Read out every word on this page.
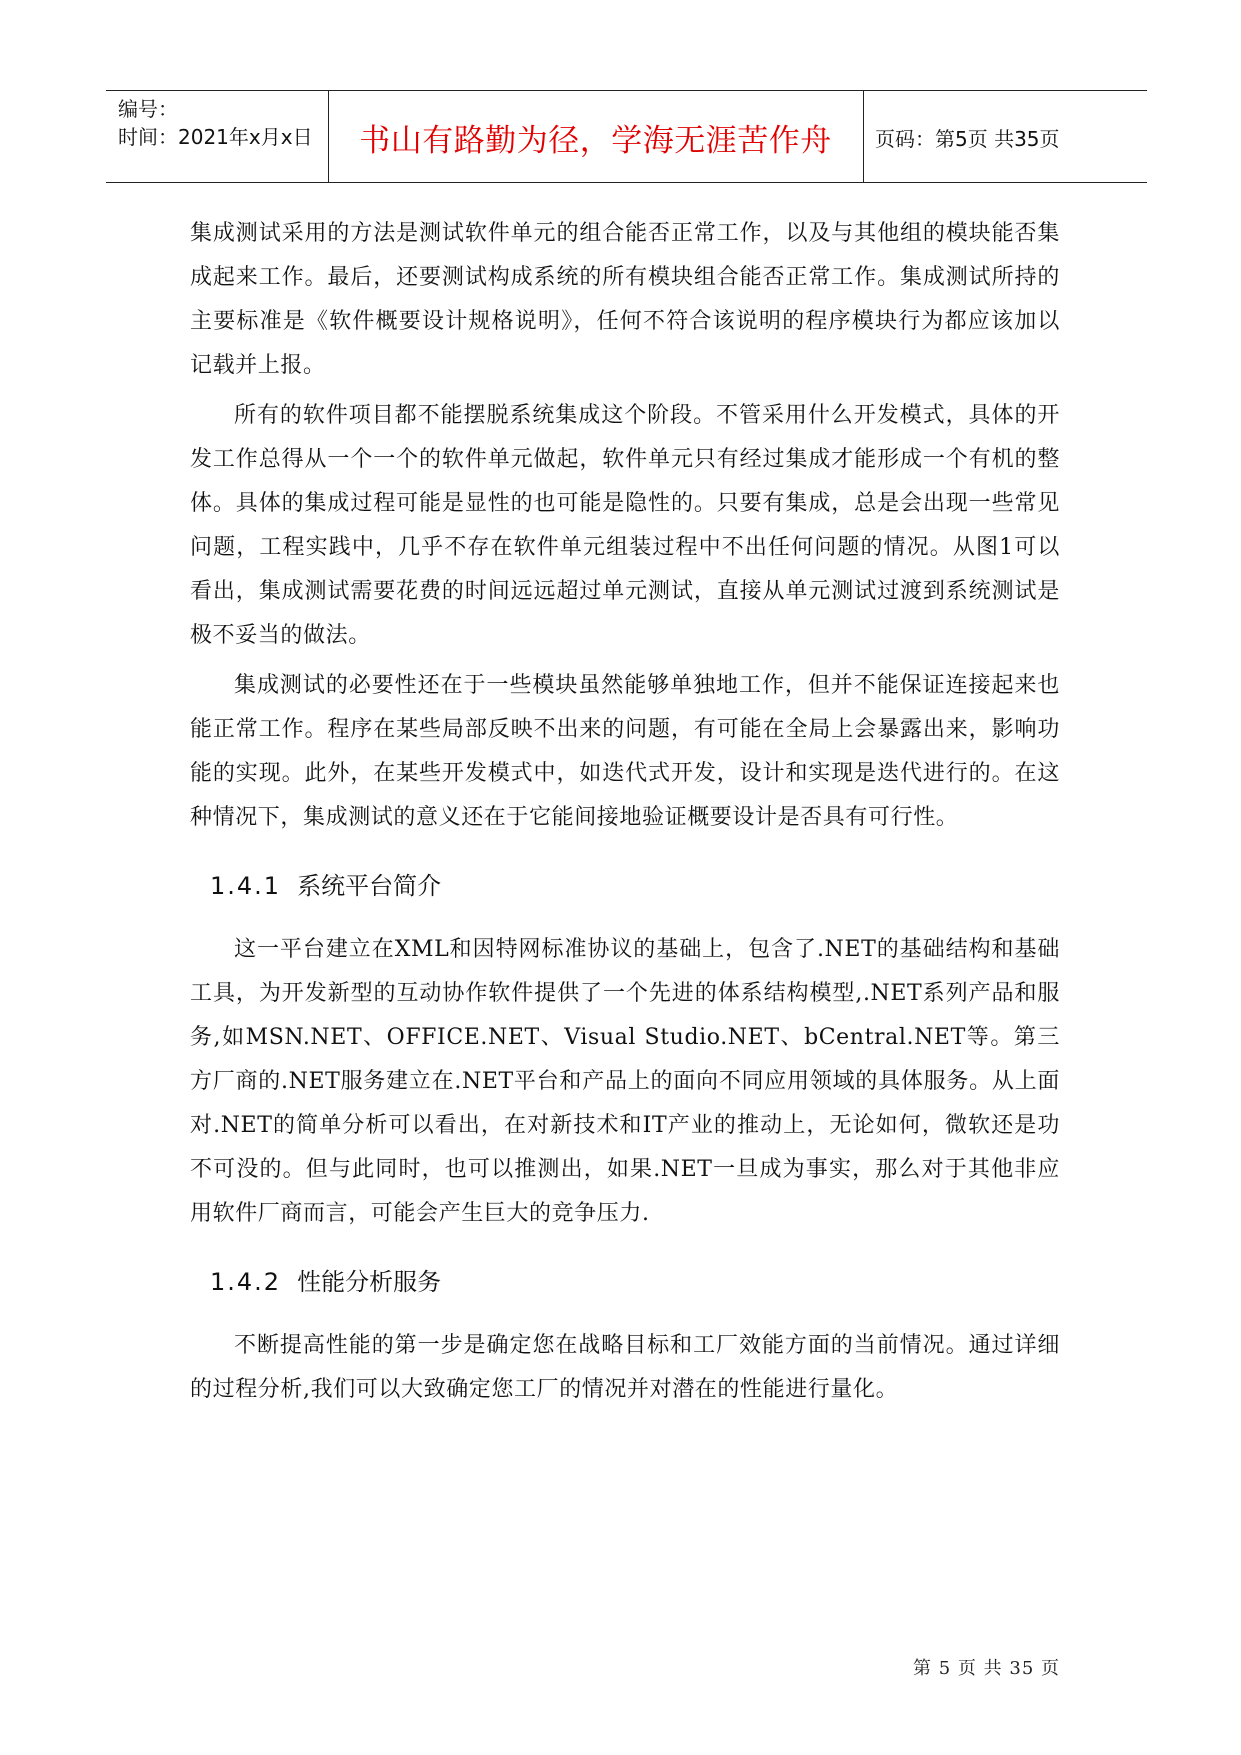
编号：
时间：2021年x月x日	书山有路勤为径，学海无涯苦作舟	页码：第5页 共35页

集成测试采用的方法是测试软件单元的组合能否正常工作，以及与其他组的模块能否集成起来工作。最后，还要测试构成系统的所有模块组合能否正常工作。集成测试所持的主要标准是《软件概要设计规格说明》，任何不符合该说明的程序模块行为都应该加以记载并上报。

所有的软件项目都不能摆脱系统集成这个阶段。不管采用什么开发模式，具体的开发工作总得从一个一个的软件单元做起，软件单元只有经过集成才能形成一个有机的整体。具体的集成过程可能是显性的也可能是隐性的。只要有集成，总是会出现一些常见问题，工程实践中，几乎不存在软件单元组装过程中不出任何问题的情况。从图1可以看出，集成测试需要花费的时间远远超过单元测试，直接从单元测试过渡到系统测试是极不妥当的做法。

集成测试的必要性还在于一些模块虽然能够单独地工作，但并不能保证连接起来也能正常工作。程序在某些局部反映不出来的问题，有可能在全局上会暴露出来，影响功能的实现。此外，在某些开发模式中，如迭代式开发，设计和实现是迭代进行的。在这种情况下，集成测试的意义还在于它能间接地验证概要设计是否具有可行性。

1.4.1 系统平台简介

这一平台建立在XML和因特网标准协议的基础上，包含了.NET的基础结构和基础工具，为开发新型的互动协作软件提供了一个先进的体系结构模型,.NET系列产品和服务,如MSN.NET、OFFICE.NET、Visual Studio.NET、bCentral.NET等。第三方厂商的.NET服务建立在.NET平台和产品上的面向不同应用领域的具体服务。从上面对.NET的简单分析可以看出，在对新技术和IT产业的推动上，无论如何，微软还是功不可没的。但与此同时，也可以推测出，如果.NET一旦成为事实，那么对于其他非应用软件厂商而言，可能会产生巨大的竞争压力.

1.4.2 性能分析服务

不断提高性能的第一步是确定您在战略目标和工厂效能方面的当前情况。通过详细的过程分析,我们可以大致确定您工厂的情况并对潜在的性能进行量化。

第 5 页 共 35 页
